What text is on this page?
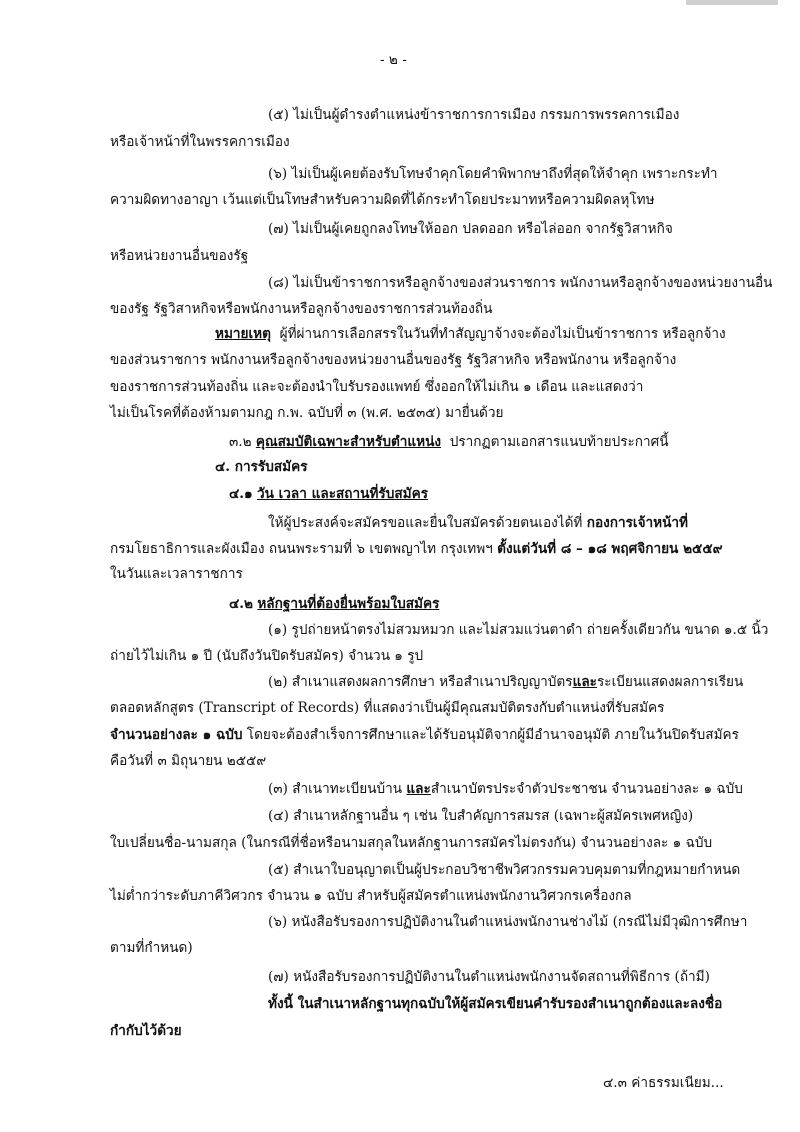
- ๒ -
(๕) ไม่เป็นผู้ดำรงตำแหน่งข้าราชการการเมือง กรรมการพรรคการเมือง
หรือเจ้าหน้าที่ในพรรคการเมือง
(๖) ไม่เป็นผู้เคยต้องรับโทษจำคุกโดยคำพิพากษาถึงที่สุดให้จำคุก เพราะกระทำ
ความผิดทางอาญา เว้นแต่เป็นโทษสำหรับความผิดที่ได้กระทำโดยประมาทหรือความผิดลหุโทษ
(๗) ไม่เป็นผู้เคยถูกลงโทษให้ออก ปลดออก หรือไล่ออก จากรัฐวิสาหกิจ
หรือหน่วยงานอื่นของรัฐ
(๘) ไม่เป็นข้าราชการหรือลูกจ้างของส่วนราชการ พนักงานหรือลูกจ้างของหน่วยงานอื่น
ของรัฐ รัฐวิสาหกิจหรือพนักงานหรือลูกจ้างของราชการส่วนท้องถิ่น
หมายเหตุ ผู้ที่ผ่านการเลือกสรรในวันที่ทำสัญญาจ้างจะต้องไม่เป็นข้าราชการ หรือลูกจ้าง
ของส่วนราชการ พนักงานหรือลูกจ้างของหน่วยงานอื่นของรัฐ รัฐวิสาหกิจ หรือพนักงาน หรือลูกจ้าง
ของราชการส่วนท้องถิ่น และจะต้องนำใบรับรองแพทย์ ซึ่งออกให้ไม่เกิน ๑ เดือน และแสดงว่า
ไม่เป็นโรคที่ต้องห้ามตามกฎ ก.พ. ฉบับที่ ๓ (พ.ศ. ๒๕๓๕) มายื่นด้วย
๓.๒ คุณสมบัติเฉพาะสำหรับตำแหน่ง ปรากฏตามเอกสารแนบท้ายประกาศนี้
๔. การรับสมัคร
๔.๑ วัน เวลา และสถานที่รับสมัคร
ให้ผู้ประสงค์จะสมัครขอและยื่นใบสมัครด้วยตนเองได้ที่ กองการเจ้าหน้าที่
กรมโยธาธิการและผังเมือง ถนนพระรามที่ ๖ เขตพญาไท กรุงเทพฯ ตั้งแต่วันที่ ๘ – ๑๘ พฤศจิกายน ๒๕๕๙
ในวันและเวลาราชการ
๔.๒ หลักฐานที่ต้องยื่นพร้อมใบสมัคร
(๑) รูปถ่ายหน้าตรงไม่สวมหมวก และไม่สวมแว่นตาดำ ถ่ายครั้งเดียวกัน ขนาด ๑.๕ นิ้ว
ถ่ายไว้ไม่เกิน ๑ ปี (นับถึงวันปิดรับสมัคร) จำนวน ๑ รูป
(๒) สำเนาแสดงผลการศึกษา หรือสำเนาปริญญาบัตรและระเบียนแสดงผลการเรียน
ตลอดหลักสูตร (Transcript of Records) ที่แสดงว่าเป็นผู้มีคุณสมบัติตรงกับตำแหน่งที่รับสมัคร
จำนวนอย่างละ ๑ ฉบับ โดยจะต้องสำเร็จการศึกษาและได้รับอนุมัติจากผู้มีอำนาจอนุมัติ ภายในวันปิดรับสมัคร
คือวันที่ ๓ มิถุนายน ๒๕๕๙
(๓) สำเนาทะเบียนบ้าน และสำเนาบัตรประจำตัวประชาชน จำนวนอย่างละ ๑ ฉบับ
(๔) สำเนาหลักฐานอื่น ๆ เช่น ใบสำคัญการสมรส (เฉพาะผู้สมัครเพศหญิง)
ใบเปลี่ยนชื่อ-นามสกุล (ในกรณีที่ชื่อหรือนามสกุลในหลักฐานการสมัครไม่ตรงกัน) จำนวนอย่างละ ๑ ฉบับ
(๕) สำเนาใบอนุญาตเป็นผู้ประกอบวิชาชีพวิศวกรรมควบคุมตามที่กฎหมายกำหนด
ไม่ต่ำกว่าระดับภาคีวิศวกร จำนวน ๑ ฉบับ สำหรับผู้สมัครตำแหน่งพนักงานวิศวกรเครื่องกล
(๖) หนังสือรับรองการปฏิบัติงานในตำแหน่งพนักงานช่างไม้ (กรณีไม่มีวุฒิการศึกษา
ตามที่กำหนด)
(๗) หนังสือรับรองการปฏิบัติงานในตำแหน่งพนักงานจัดสถานที่พิธีการ (ถ้ามี)
ทั้งนี้ ในสำเนาหลักฐานทุกฉบับให้ผู้สมัครเขียนคำรับรองสำเนาถูกต้องและลงชื่อ
กำกับไว้ด้วย
๔.๓ ค่าธรรมเนียม...
